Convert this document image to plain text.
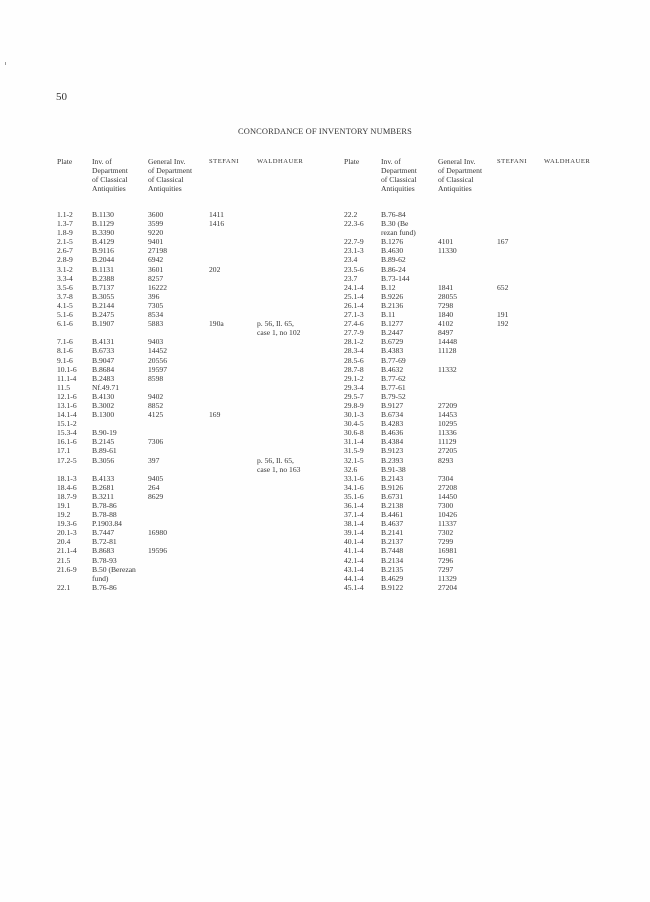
50
CONCORDANCE OF INVENTORY NUMBERS
Plate	Inv. of
Department
of Classical
Antiquities	General Inv.
of Department
of Classical
Antiquities	STEFANI	WALDHAUER
1.1-2	B.1130	3600	1411	
1.3-7	B.1129	3599	1416	
1.8-9	B.3390	9220		
2.1-5	B.4129	9401		
2.6-7	B.9116	27198		
2.8-9	B.2044	6942		
3.1-2	B.1131	3601	202	
3.3-4	B.2388	8257		
3.5-6	B.7137	16222		
3.7-8	B.3055	396		
4.1-5	B.2144	7305		
5.1-6	B.2475	8534		
6.1-6	B.1907	5883	190a	p. 56, Il. 65,
case 1, no 102
7.1-6	B.4131	9403		
8.1-6	B.6733	14452		
9.1-6	B.9047	20556		
10.1-6	B.8684	19597		
11.1-4	B.2483	8598		
11.5	Nf.49.71			
12.1-6	B.4130	9402		
13.1-6	B.3002	8852		
14.1-4	B.1300	4125	169	
15.1-2				
15.3-4	B.90-19			
16.1-6	B.2145	7306		
17.1	B.89-61			
17.2-5	B.3056	397		p. 56, Il. 65,
case 1, no 163
18.1-3	B.4133	9405		
18.4-6	B.2681	264		
18.7-9	B.3211	8629		
19.1	B.78-86			
19.2	B.78-88			
19.3-6	P.1903.84			
20.1-3	B.7447	16980		
20.4	B.72-81			
21.1-4	B.8683	19596		
21.5	B.78-93			
21.6-9	B.50 (Berezan
fund)			
22.1	B.76-86			
Plate	Inv. of
Department
of Classical
Antiquities	General Inv.
of Department
of Classical
Antiquities	STEFANI	WALDHAUER
22.2	B.76-84			
22.3-6	B.30 (Be
rezan fund)			
22.7-9	B.1276	4101	167	
23.1-3	B.4630	11330		
23.4	B.89-62			
23.5-6	B.86-24			
23.7	B.73-144			
24.1-4	B.12	1841	652	
25.1-4	B.9226	28055		
26.1-4	B.2136	7298		
27.1-3	B.11	1840	191	
27.4-6	B.1277	4102	192	
27.7-9	B.2447	8497		
28.1-2	B.6729	14448		
28.3-4	B.4383	11128		
28.5-6	B.77-69			
28.7-8	B.4632	11332		
29.1-2	B.77-62			
29.3-4	B.77-61			
29.5-7	B.79-52			
29.8-9	B.9127	27209		
30.1-3	B.6734	14453		
30.4-5	B.4283	10295		
30.6-8	B.4636	11336		
31.1-4	B.4384	11129		
31.5-9	B.9123	27205		
32.1-5	B.2393	8293		
32.6	B.91-38			
33.1-6	B.2143	7304		
34.1-6	B.9126	27208		
35.1-6	B.6731	14450		
36.1-4	B.2138	7300		
37.1-4	B.4461	10426		
38.1-4	B.4637	11337		
39.1-4	B.2141	7302		
40.1-4	B.2137	7299		
41.1-4	B.7448	16981		
42.1-4	B.2134	7296		
43.1-4	B.2135	7297		
44.1-4	B.4629	11329		
45.1-4	B.9122	27204		
